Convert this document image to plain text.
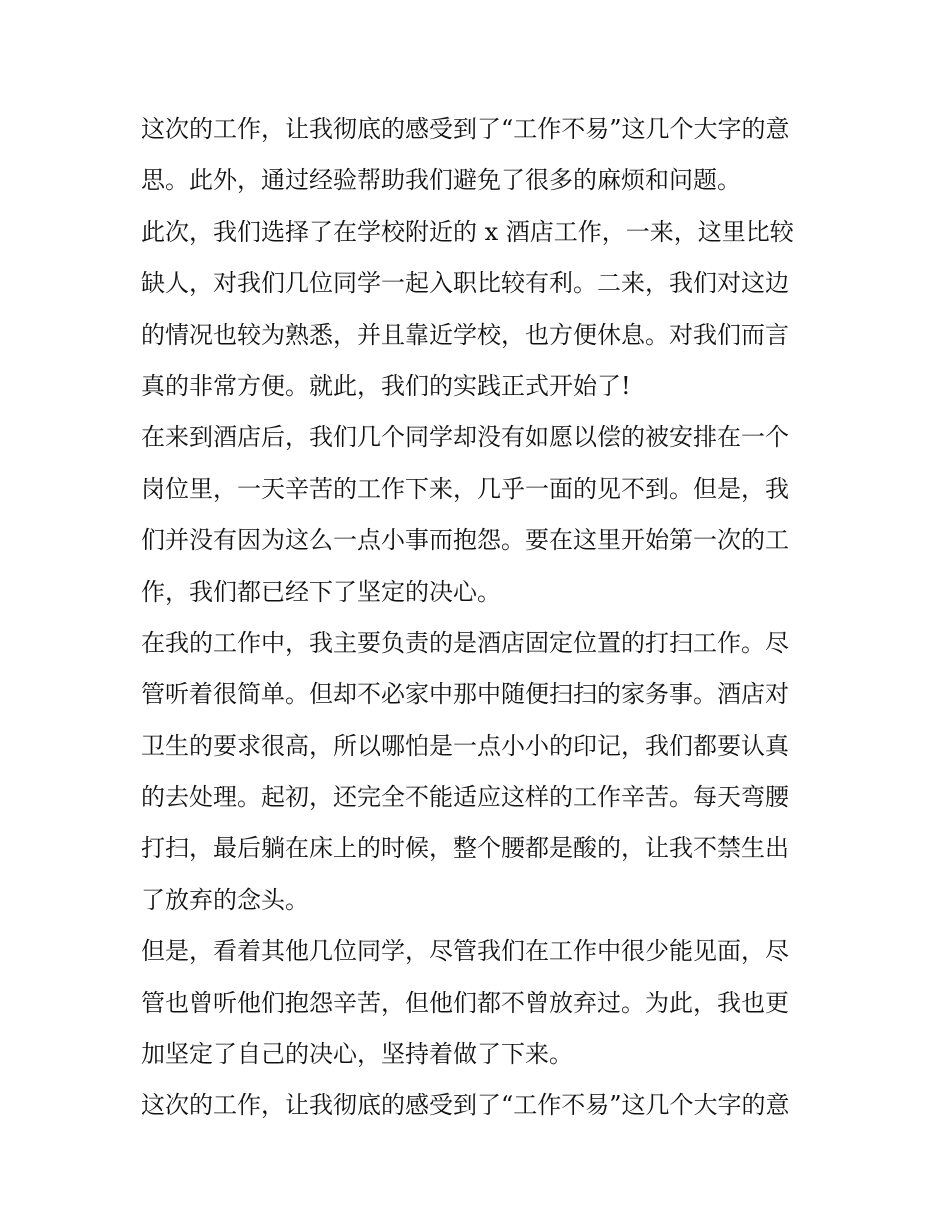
这次的工作，让我彻底的感受到了“工作不易”这几个大字的意
思。此外，通过经验帮助我们避免了很多的麻烦和问题。
此次，我们选择了在学校附近的 x 酒店工作，一来，这里比较
缺人，对我们几位同学一起入职比较有利。二来，我们对这边
的情况也较为熟悉，并且靠近学校，也方便休息。对我们而言
真的非常方便。就此，我们的实践正式开始了!
在来到酒店后，我们几个同学却没有如愿以偿的被安排在一个
岗位里，一天辛苦的工作下来，几乎一面的见不到。但是，我
们并没有因为这么一点小事而抱怨。要在这里开始第一次的工
作，我们都已经下了坚定的决心。
在我的工作中，我主要负责的是酒店固定位置的打扫工作。尽
管听着很简单。但却不必家中那中随便扫扫的家务事。酒店对
卫生的要求很高，所以哪怕是一点小小的印记，我们都要认真
的去处理。起初，还完全不能适应这样的工作辛苦。每天弯腰
打扫，最后躺在床上的时候，整个腰都是酸的，让我不禁生出
了放弃的念头。
但是，看着其他几位同学，尽管我们在工作中很少能见面，尽
管也曾听他们抱怨辛苦，但他们都不曾放弃过。为此，我也更
加坚定了自己的决心，坚持着做了下来。
这次的工作，让我彻底的感受到了“工作不易”这几个大字的意
